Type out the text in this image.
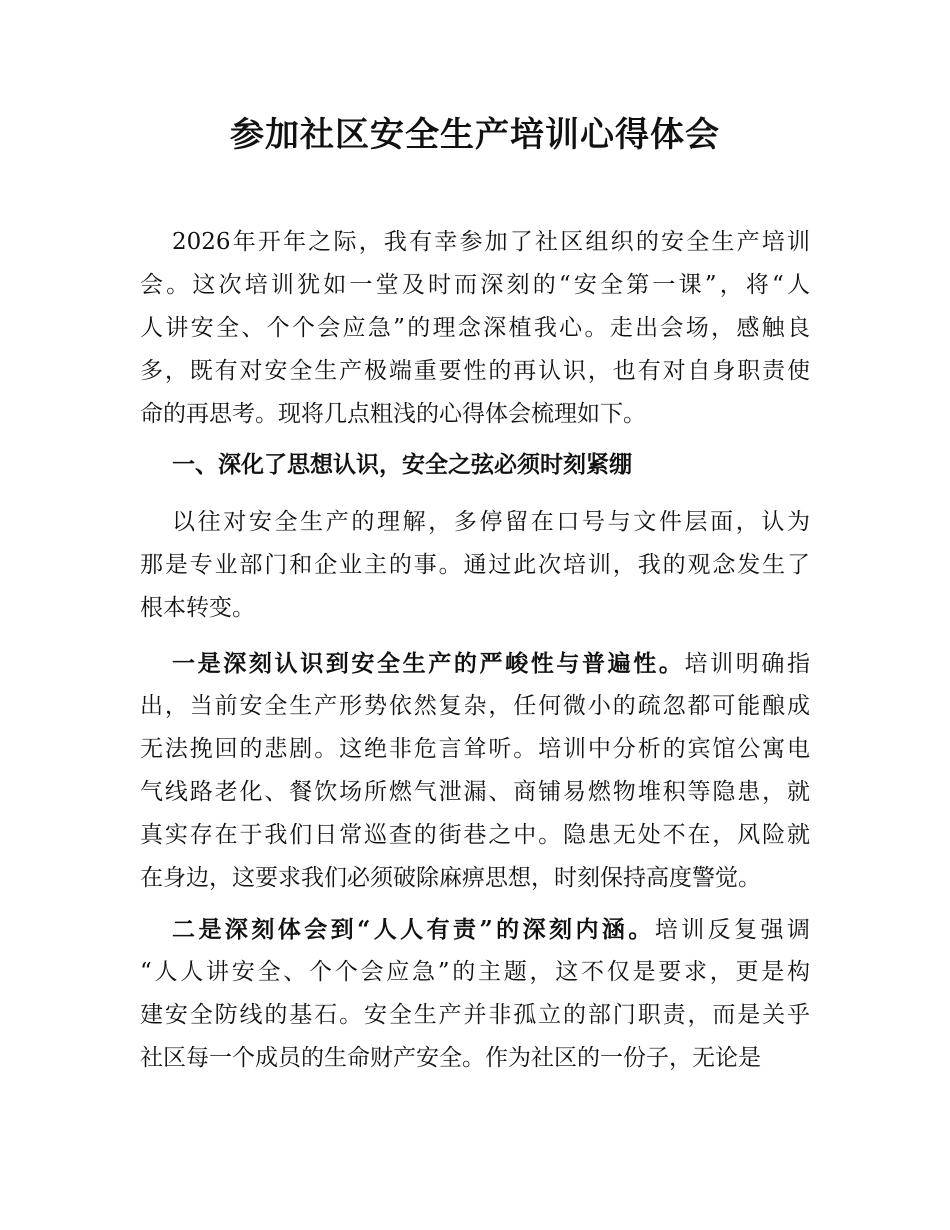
参加社区安全生产培训心得体会
2026年开年之际，我有幸参加了社区组织的安全生产培训
会。这次培训犹如一堂及时而深刻的“安全第一课”，将“人
人讲安全、个个会应急”的理念深植我心。走出会场，感触良
多，既有对安全生产极端重要性的再认识，也有对自身职责使
命的再思考。现将几点粗浅的心得体会梳理如下。
一、深化了思想认识，安全之弦必须时刻紧绷
以往对安全生产的理解，多停留在口号与文件层面，认为
那是专业部门和企业主的事。通过此次培训，我的观念发生了
根本转变。
一是深刻认识到安全生产的严峻性与普遍性。培训明确指
出，当前安全生产形势依然复杂，任何微小的疏忽都可能酿成
无法挽回的悲剧。这绝非危言耸听。培训中分析的宾馆公寓电
气线路老化、餐饮场所燃气泄漏、商铺易燃物堆积等隐患，就
真实存在于我们日常巡查的街巷之中。隐患无处不在，风险就
在身边，这要求我们必须破除麻痹思想，时刻保持高度警觉。
二是深刻体会到“人人有责”的深刻内涵。培训反复强调
“人人讲安全、个个会应急”的主题，这不仅是要求，更是构
建安全防线的基石。安全生产并非孤立的部门职责，而是关乎
社区每一个成员的生命财产安全。作为社区的一份子，无论是
